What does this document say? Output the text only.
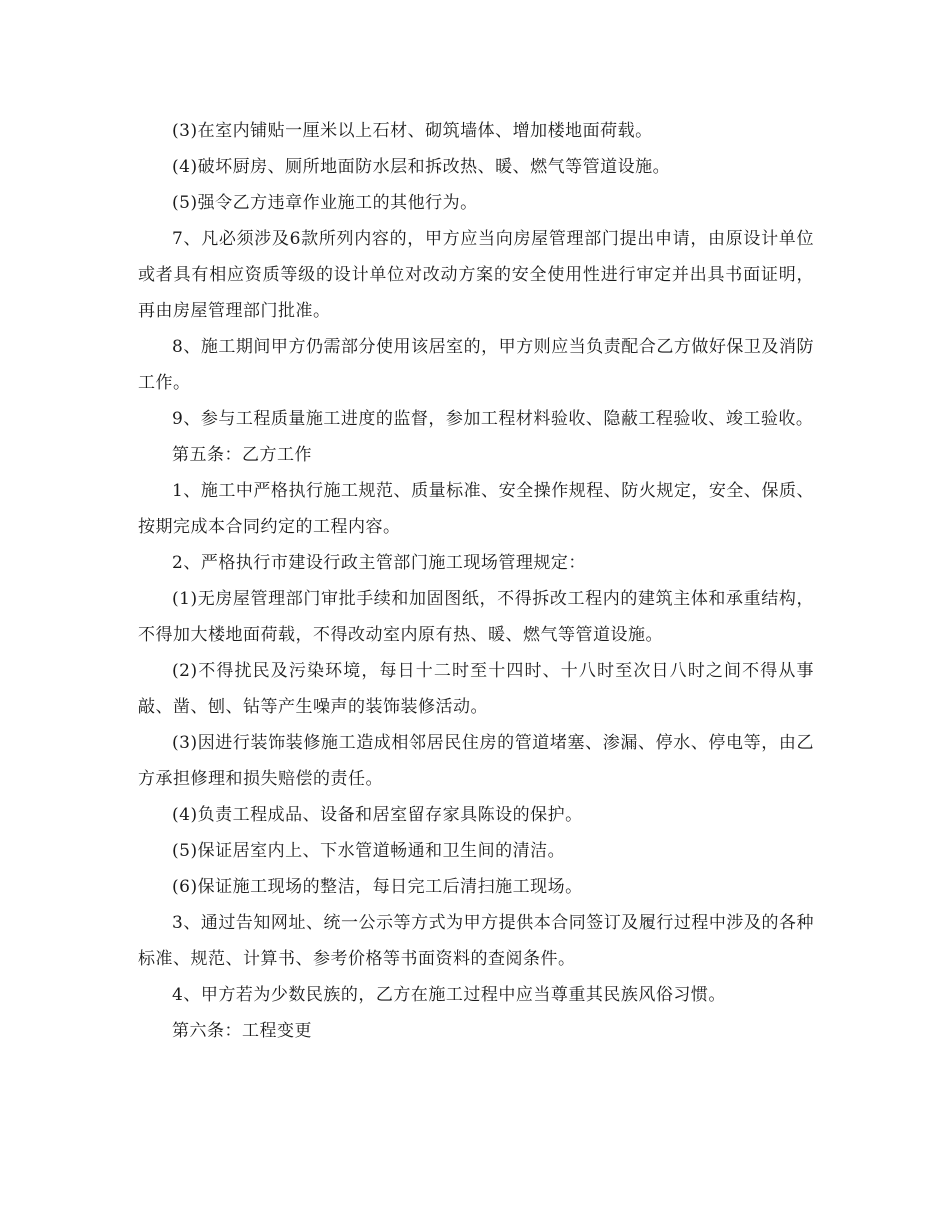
(3)在室内铺贴一厘米以上石材、砌筑墙体、增加楼地面荷载。

(4)破坏厨房、厕所地面防水层和拆改热、暖、燃气等管道设施。

(5)强令乙方违章作业施工的其他行为。

7、凡必须涉及6款所列内容的，甲方应当向房屋管理部门提出申请，由原设计单位或者具有相应资质等级的设计单位对改动方案的安全使用性进行审定并出具书面证明，再由房屋管理部门批准。

8、施工期间甲方仍需部分使用该居室的，甲方则应当负责配合乙方做好保卫及消防工作。

9、参与工程质量施工进度的监督，参加工程材料验收、隐蔽工程验收、竣工验收。

第五条：乙方工作

1、施工中严格执行施工规范、质量标准、安全操作规程、防火规定，安全、保质、按期完成本合同约定的工程内容。

2、严格执行市建设行政主管部门施工现场管理规定：

(1)无房屋管理部门审批手续和加固图纸，不得拆改工程内的建筑主体和承重结构，不得加大楼地面荷载，不得改动室内原有热、暖、燃气等管道设施。

(2)不得扰民及污染环境，每日十二时至十四时、十八时至次日八时之间不得从事敲、凿、刨、钻等产生噪声的装饰装修活动。

(3)因进行装饰装修施工造成相邻居民住房的管道堵塞、渗漏、停水、停电等，由乙方承担修理和损失赔偿的责任。

(4)负责工程成品、设备和居室留存家具陈设的保护。

(5)保证居室内上、下水管道畅通和卫生间的清洁。

(6)保证施工现场的整洁，每日完工后清扫施工现场。

3、通过告知网址、统一公示等方式为甲方提供本合同签订及履行过程中涉及的各种标准、规范、计算书、参考价格等书面资料的查阅条件。

4、甲方若为少数民族的，乙方在施工过程中应当尊重其民族风俗习惯。

第六条：工程变更
